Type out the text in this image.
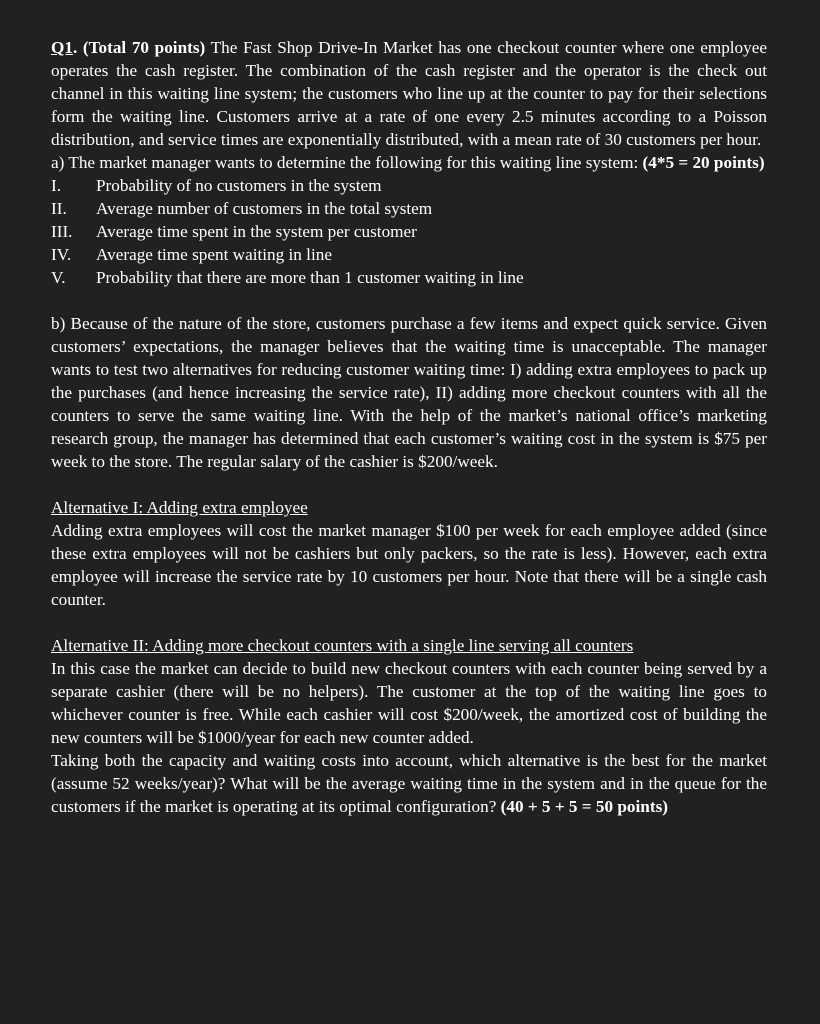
Q1. (Total 70 points) The Fast Shop Drive-In Market has one checkout counter where one employee operates the cash register. The combination of the cash register and the operator is the check out channel in this waiting line system; the customers who line up at the counter to pay for their selections form the waiting line. Customers arrive at a rate of one every 2.5 minutes according to a Poisson distribution, and service times are exponentially distributed, with a mean rate of 30 customers per hour.

a) The market manager wants to determine the following for this waiting line system: (4*5 = 20 points)

I.	Probability of no customers in the system
II.	Average number of customers in the total system
III.	Average time spent in the system per customer
IV.	Average time spent waiting in line
V.	Probability that there are more than 1 customer waiting in line

b) Because of the nature of the store, customers purchase a few items and expect quick service. Given customers’ expectations, the manager believes that the waiting time is unacceptable. The manager wants to test two alternatives for reducing customer waiting time: I) adding extra employees to pack up the purchases (and hence increasing the service rate), II) adding more checkout counters with all the counters to serve the same waiting line. With the help of the market’s national office’s marketing research group, the manager has determined that each customer’s waiting cost in the system is $75 per week to the store. The regular salary of the cashier is $200/week.

Alternative I: Adding extra employee

Adding extra employees will cost the market manager $100 per week for each employee added (since these extra employees will not be cashiers but only packers, so the rate is less). However, each extra employee will increase the service rate by 10 customers per hour. Note that there will be a single cash counter.

Alternative II: Adding more checkout counters with a single line serving all counters

In this case the market can decide to build new checkout counters with each counter being served by a separate cashier (there will be no helpers). The customer at the top of the waiting line goes to whichever counter is free. While each cashier will cost $200/week, the amortized cost of building the new counters will be $1000/year for each new counter added.

Taking both the capacity and waiting costs into account, which alternative is the best for the market (assume 52 weeks/year)? What will be the average waiting time in the system and in the queue for the customers if the market is operating at its optimal configuration? (40 + 5 + 5 = 50 points)
